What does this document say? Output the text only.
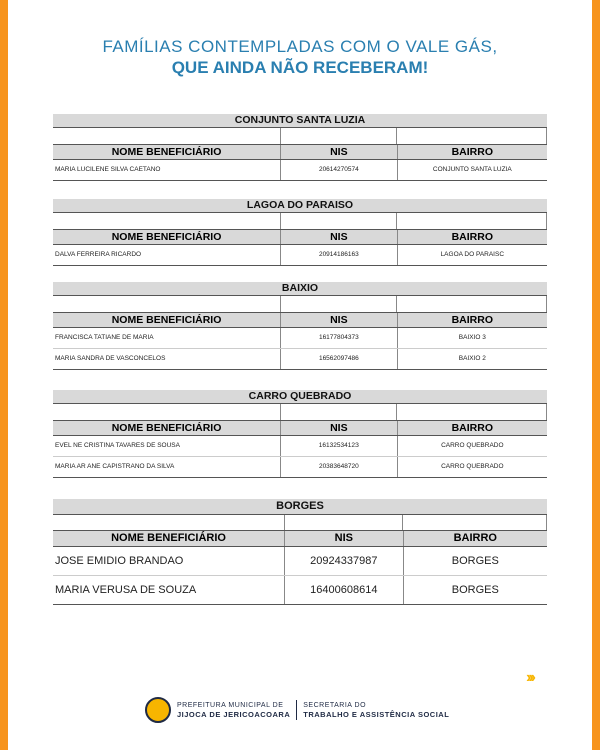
FAMÍLIAS CONTEMPLADAS COM O VALE GÁS,
QUE AINDA NÃO RECEBERAM!
CONJUNTO SANTA LUZIA
NOME BENEFICIÁRIO	NIS	BAIRRO
MARIA LUCILENE SILVA CAETANO	20614270574	CONJUNTO SANTA LUZIA
LAGOA DO PARAISO
NOME BENEFICIÁRIO	NIS	BAIRRO
DALVA FERREIRA RICARDO	20914186163	LAGOA DO PARAISC
BAIXIO
NOME BENEFICIÁRIO	NIS	BAIRRO
FRANCISCA TATIANE DE MARIA	16177804373	BAIXIO 3
MARIA SANDRA DE VASCONCELOS	16562097486	BAIXIO 2
CARRO QUEBRADO
NOME BENEFICIÁRIO	NIS	BAIRRO
EVEL NE CRISTINA TAVARES DE SOUSA	1613253412З	CARRO QUEBRADO
MARIA AR ANE CAPISTRANO DA SILVA	20383648720	CARRO QUEBRADO
BORGES
NOME BENEFICIÁRIO	NIS	BAIRRO
JOSE EMIDIO BRANDAO	20924337987	BORGES
MARIA VERUSA DE SOUZA	16400608614	BORGES
›››
PREFEITURA MUNICIPAL DE
JIJOCA DE JERICOACOARA
SECRETARIA DO
TRABALHO E ASSISTÊNCIA SOCIAL
